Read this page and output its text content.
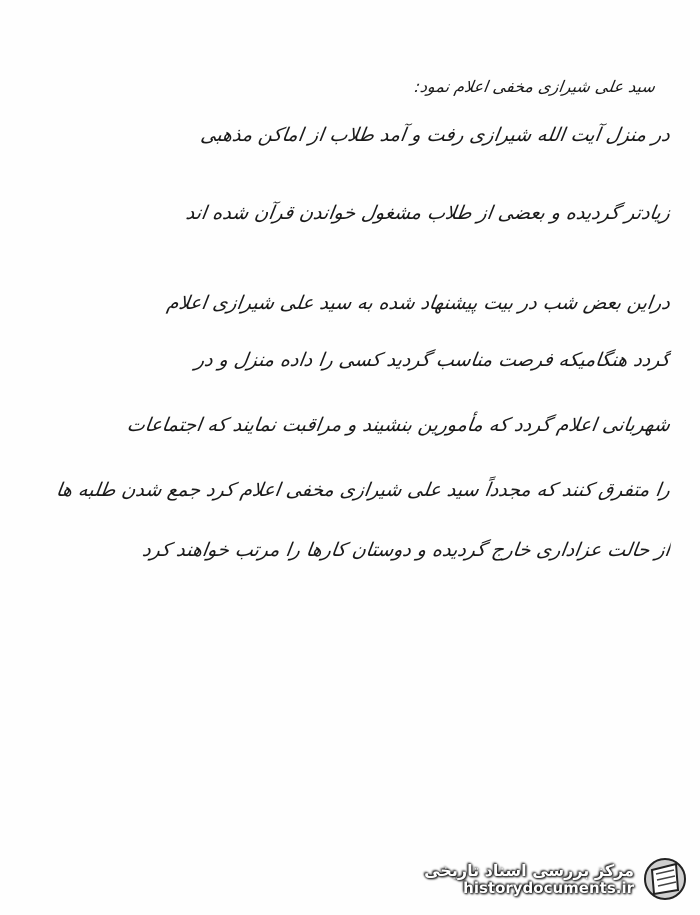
سید علی شیرازی مخفی اعلام نمود:
در منزل آیت الله شیرازی رفت و آمد طلاب از اماکن مذهبی
زیادتر گردیده و بعضی از طلاب مشغول خواندن قرآن شده اند
دراین بعض شب در بیت پیشنهاد شده به سید علی شیرازی اعلام
گردد هنگامیکه فرصت مناسب گردید کسی را داده منزل و در
شهربانی اعلام گردد که مأمورین بنشیند و مراقبت نمایند که اجتماعات
را متفرق کنند که مجدداً سید علی شیرازی مخفی اعلام کرد جمع شدن طلبه ها
از حالت عزاداری خارج گردیده و دوستان کارها را مرتب خواهند کرد
مرکز بررسی اسناد تاریخی
historydocuments.ir
